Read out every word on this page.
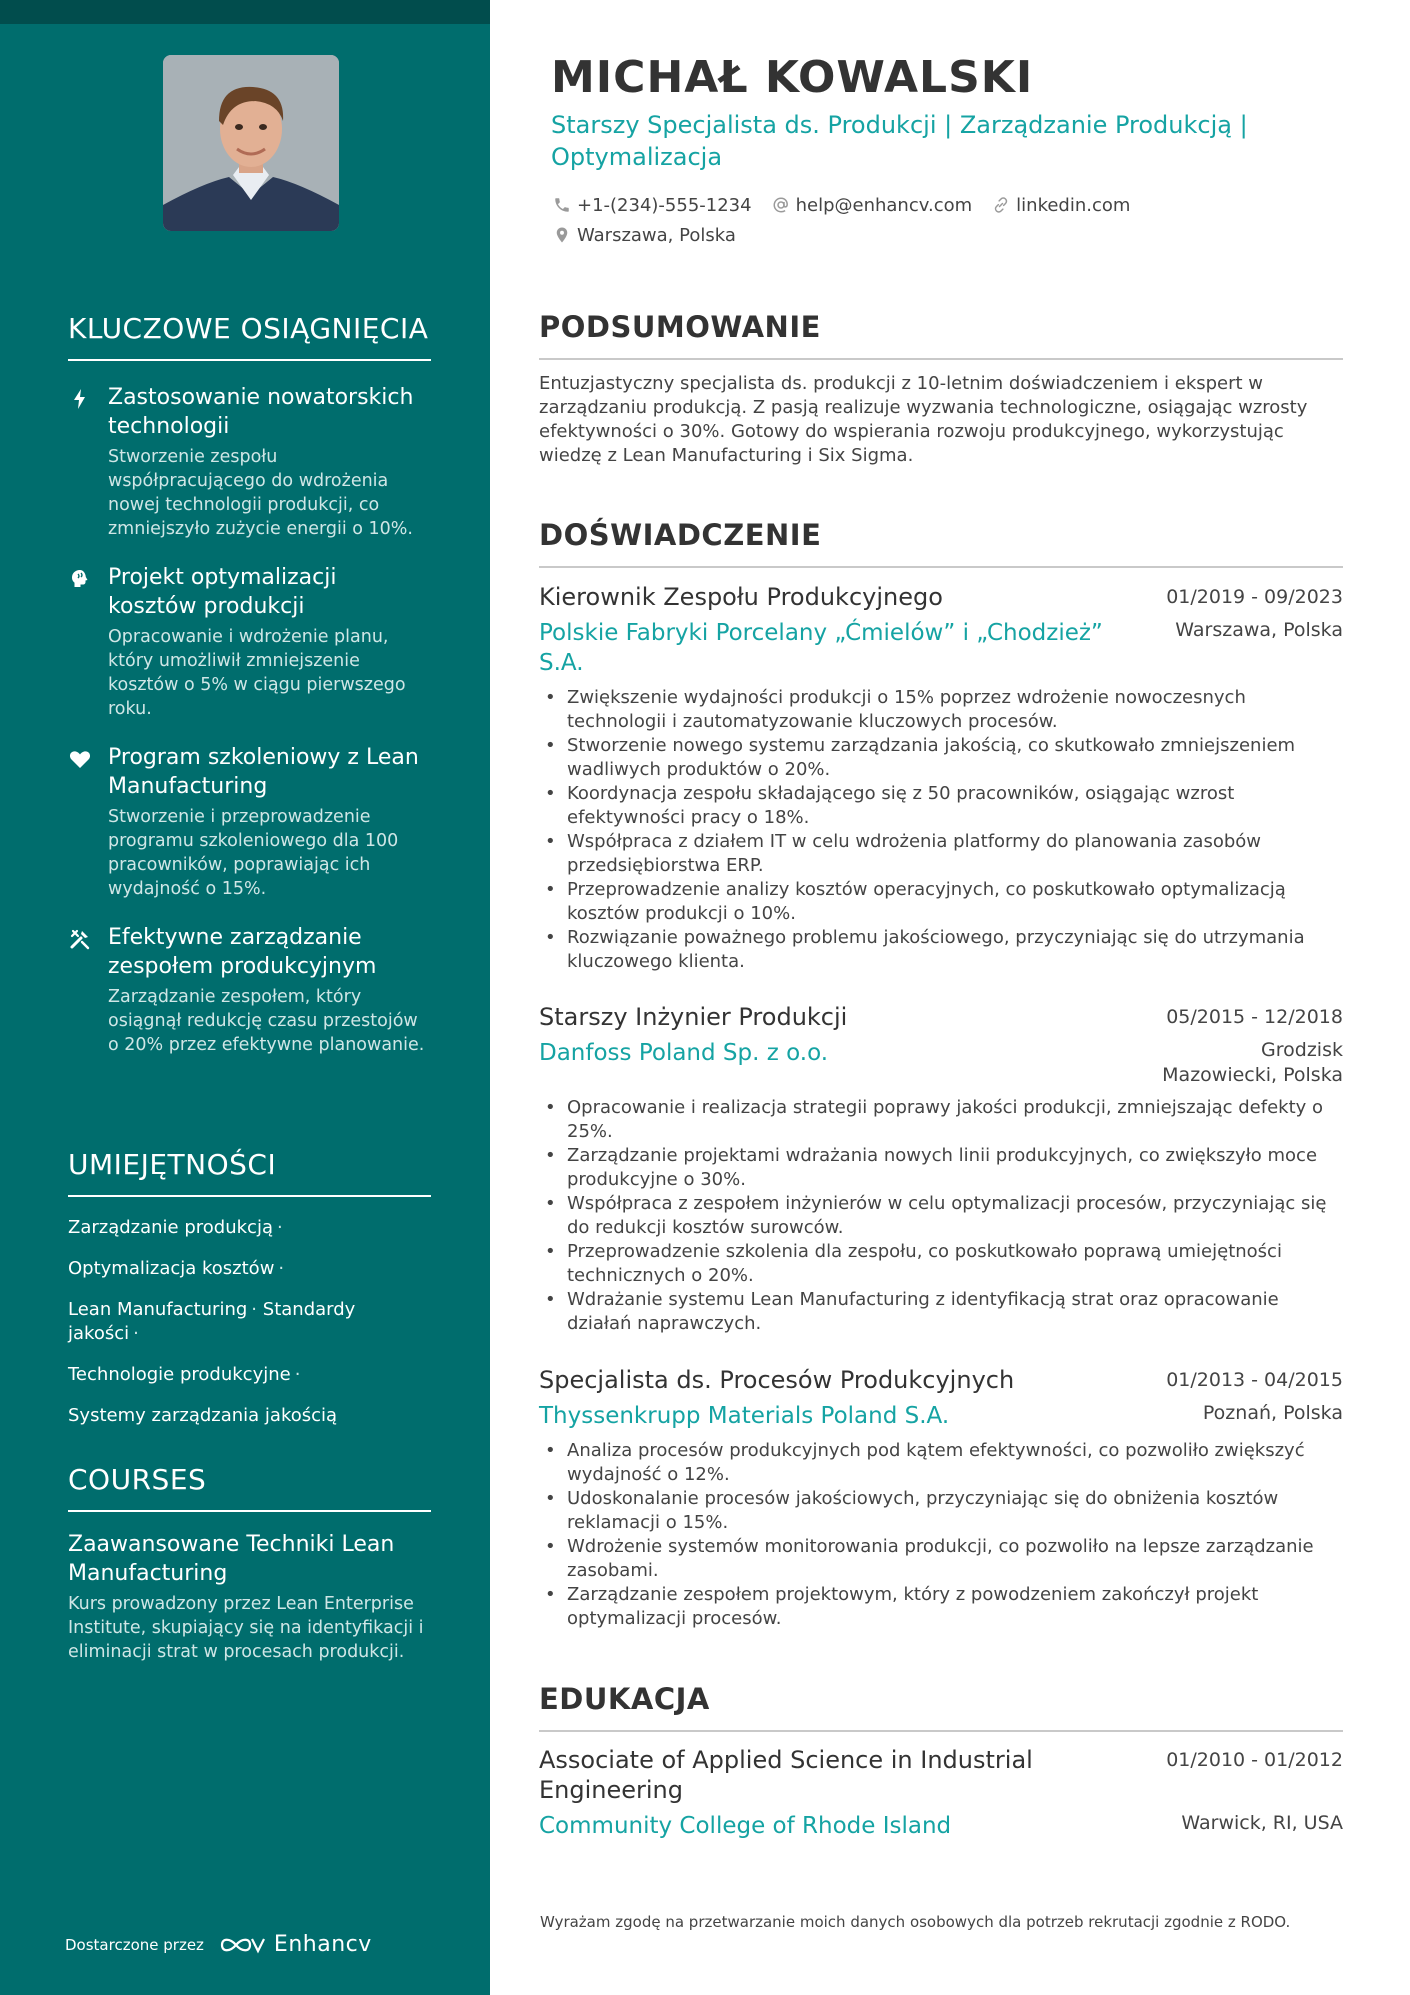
KLUCZOWE OSIĄGNIĘCIA
Zastosowanie nowatorskich technologii
Stworzenie zespołu współpracującego do wdrożenia nowej technologii produkcji, co zmniejszyło zużycie energii o 10%.
Projekt optymalizacji kosztów produkcji
Opracowanie i wdrożenie planu, który umożliwił zmniejszenie kosztów o 5% w ciągu pierwszego roku.
Program szkoleniowy z Lean Manufacturing
Stworzenie i przeprowadzenie programu szkoleniowego dla 100 pracowników, poprawiając ich wydajność o 15%.
Efektywne zarządzanie zespołem produkcyjnym
Zarządzanie zespołem, który osiągnął redukcję czasu przestojów o 20% przez efektywne planowanie.
UMIEJĘTNOŚCI
Zarządzanie produkcją ·
Optymalizacja kosztów ·
Lean Manufacturing · Standardy jakości ·
Technologie produkcyjne ·
Systemy zarządzania jakością
COURSES
Zaawansowane Techniki Lean Manufacturing
Kurs prowadzony przez Lean Enterprise Institute, skupiający się na identyfikacji i eliminacji strat w procesach produkcji.
Dostarczone przez	Enhancv
MICHAŁ KOWALSKI
Starszy Specjalista ds. Produkcji | Zarządzanie Produkcją | Optymalizacja
+1-(234)-555-1234 help@enhancv.com linkedin.com
Warszawa, Polska
PODSUMOWANIE

Entuzjastyczny specjalista ds. produkcji z 10-letnim doświadczeniem i ekspert w zarządzaniu produkcją. Z pasją realizuje wyzwania technologiczne, osiągając wzrosty efektywności o 30%. Gotowy do wspierania rozwoju produkcyjnego, wykorzystując wiedzę z Lean Manufacturing i Six Sigma.

DOŚWIADCZENIE
Kierownik Zespołu Produkcyjnego	01/2019 - 09/2023
Polskie Fabryki Porcelany „Ćmielów” i „Chodzież” S.A.
Warszawa, Polska
• Zwiększenie wydajności produkcji o 15% poprzez wdrożenie nowoczesnych technologii i zautomatyzowanie kluczowych procesów.
• Stworzenie nowego systemu zarządzania jakością, co skutkowało zmniejszeniem wadliwych produktów o 20%.
• Koordynacja zespołu składającego się z 50 pracowników, osiągając wzrost efektywności pracy o 18%.
• Współpraca z działem IT w celu wdrożenia platformy do planowania zasobów przedsiębiorstwa ERP.
• Przeprowadzenie analizy kosztów operacyjnych, co poskutkowało optymalizacją kosztów produkcji o 10%.
• Rozwiązanie poważnego problemu jakościowego, przyczyniając się do utrzymania kluczowego klienta.
Starszy Inżynier Produkcji	05/2015 - 12/2018
Danfoss Poland Sp. z o.o.	Grodzisk Mazowiecki, Polska
• Opracowanie i realizacja strategii poprawy jakości produkcji, zmniejszając defekty o 25%.
• Zarządzanie projektami wdrażania nowych linii produkcyjnych, co zwiększyło moce produkcyjne o 30%.
• Współpraca z zespołem inżynierów w celu optymalizacji procesów, przyczyniając się do redukcji kosztów surowców.
• Przeprowadzenie szkolenia dla zespołu, co poskutkowało poprawą umiejętności technicznych o 20%.
• Wdrażanie systemu Lean Manufacturing z identyfikacją strat oraz opracowanie działań naprawczych.
Specjalista ds. Procesów Produkcyjnych	01/2013 - 04/2015
Thyssenkrupp Materials Poland S.A.	Poznań, Polska
• Analiza procesów produkcyjnych pod kątem efektywności, co pozwoliło zwiększyć wydajność o 12%.
• Udoskonalanie procesów jakościowych, przyczyniając się do obniżenia kosztów reklamacji o 15%.
• Wdrożenie systemów monitorowania produkcji, co pozwoliło na lepsze zarządzanie zasobami.
• Zarządzanie zespołem projektowym, który z powodzeniem zakończył projekt optymalizacji procesów.
EDUKACJA
Associate of Applied Science in Industrial Engineering
01/2010 - 01/2012
Community College of Rhode Island	Warwick, RI, USA

Wyrażam zgodę na przetwarzanie moich danych osobowych dla potrzeb rekrutacji zgodnie z RODO.
